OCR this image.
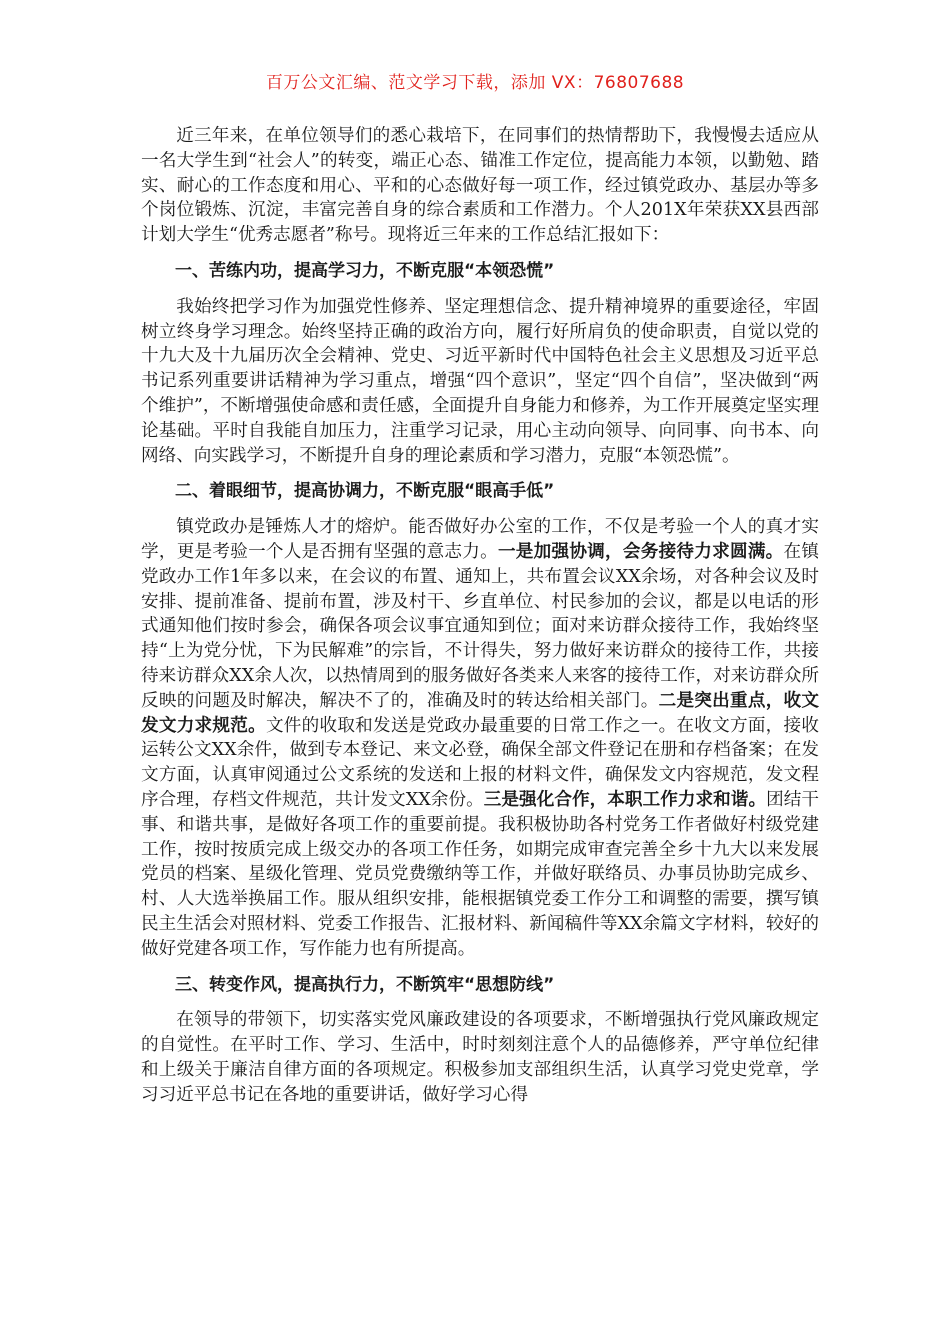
百万公文汇编、范文学习下载，添加 VX：76807688

近三年来，在单位领导们的悉心栽培下，在同事们的热情帮助下，我慢慢去适应从一名大学生到“社会人”的转变，端正心态、锚准工作定位，提高能力本领，以勤勉、踏实、耐心的工作态度和用心、平和的心态做好每一项工作，经过镇党政办、基层办等多个岗位锻炼、沉淀，丰富完善自身的综合素质和工作潜力。个人201X年荣获XX县西部计划大学生“优秀志愿者”称号。现将近三年来的工作总结汇报如下：

一、苦练内功，提高学习力，不断克服“本领恐慌”

我始终把学习作为加强党性修养、坚定理想信念、提升精神境界的重要途径，牢固树立终身学习理念。始终坚持正确的政治方向，履行好所肩负的使命职责，自觉以党的十九大及十九届历次全会精神、党史、习近平新时代中国特色社会主义思想及习近平总书记系列重要讲话精神为学习重点，增强“四个意识”，坚定“四个自信”，坚决做到“两个维护”，不断增强使命感和责任感，全面提升自身能力和修养，为工作开展奠定坚实理论基础。平时自我能自加压力，注重学习记录，用心主动向领导、向同事、向书本、向网络、向实践学习，不断提升自身的理论素质和学习潜力，克服“本领恐慌”。

二、着眼细节，提高协调力，不断克服“眼高手低”

镇党政办是锤炼人才的熔炉。能否做好办公室的工作，不仅是考验一个人的真才实学，更是考验一个人是否拥有坚强的意志力。一是加强协调，会务接待力求圆满。在镇党政办工作1年多以来，在会议的布置、通知上，共布置会议XX余场，对各种会议及时安排、提前准备、提前布置，涉及村干、乡直单位、村民参加的会议，都是以电话的形式通知他们按时参会，确保各项会议事宜通知到位；面对来访群众接待工作，我始终坚持“上为党分忧，下为民解难”的宗旨，不计得失，努力做好来访群众的接待工作，共接待来访群众XX余人次，以热情周到的服务做好各类来人来客的接待工作，对来访群众所反映的问题及时解决，解决不了的，准确及时的转达给相关部门。二是突出重点，收文发文力求规范。文件的收取和发送是党政办最重要的日常工作之一。在收文方面，接收运转公文XX余件，做到专本登记、来文必登，确保全部文件登记在册和存档备案；在发文方面，认真审阅通过公文系统的发送和上报的材料文件，确保发文内容规范，发文程序合理，存档文件规范，共计发文XX余份。三是强化合作，本职工作力求和谐。团结干事、和谐共事，是做好各项工作的重要前提。我积极协助各村党务工作者做好村级党建工作，按时按质完成上级交办的各项工作任务，如期完成审查完善全乡十九大以来发展党员的档案、星级化管理、党员党费缴纳等工作，并做好联络员、办事员协助完成乡、村、人大选举换届工作。服从组织安排，能根据镇党委工作分工和调整的需要，撰写镇民主生活会对照材料、党委工作报告、汇报材料、新闻稿件等XX余篇文字材料，较好的做好党建各项工作，写作能力也有所提高。

三、转变作风，提高执行力，不断筑牢“思想防线”

在领导的带领下，切实落实党风廉政建设的各项要求，不断增强执行党风廉政规定的自觉性。在平时工作、学习、生活中，时时刻刻注意个人的品德修养，严守单位纪律和上级关于廉洁自律方面的各项规定。积极参加支部组织生活，认真学习党史党章，学习习近平总书记在各地的重要讲话，做好学习心得
